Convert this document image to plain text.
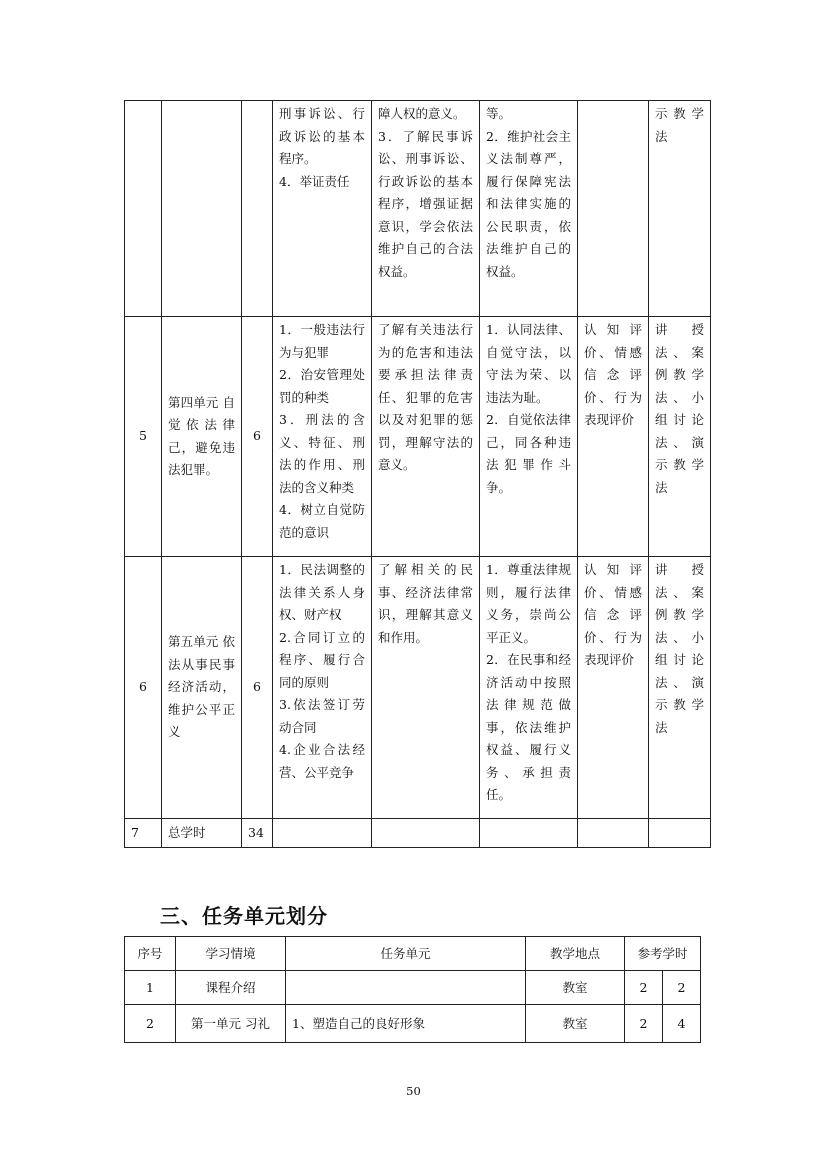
			刑事诉讼、行政诉讼的基本程序。
4．举证责任	障人权的意义。
3．了解民事诉讼、刑事诉讼、行政诉讼的基本程序，增强证据意识，学会依法维护自己的合法权益。	等。
2．维护社会主义法制尊严，履行保障宪法和法律实施的公民职责，依法维护自己的权益。		示教学法
5	第四单元 自觉依法律己，避免违法犯罪。	6	1．一般违法行为与犯罪
2．治安管理处罚的种类
3．刑法的含义、特征、刑法的作用、刑法的含义种类
4．树立自觉防范的意识	了解有关违法行为的危害和违法要承担法律责任、犯罪的危害以及对犯罪的惩罚，理解守法的意义。	1．认同法律、自觉守法，以守法为荣、以违法为耻。
2．自觉依法律己，同各种违法犯罪作斗争。	认知评价、情感信念评价、行为表现评价	讲授法、案例教学法、小组讨论法、演示教学法
6	第五单元 依法从事民事经济活动，维护公平正义	6	1．民法调整的法律关系人身权、财产权
2.合同订立的程序、履行合同的原则
3.依法签订劳动合同
4.企业合法经营、公平竞争	了解相关的民事、经济法律常识，理解其意义和作用。	1．尊重法律规则，履行法律义务，崇尚公平正义。
2．在民事和经济活动中按照法律规范做事，依法维护权益、履行义务、承担责任。	认知评价、情感信念评价、行为表现评价	讲授法、案例教学法、小组讨论法、演示教学法
7	总学时	34					
三、任务单元划分
序号	学习情境	任务单元	教学地点	参考学时	
1	课程介绍		教室	2	2
2	第一单元 习礼	1、塑造自己的良好形象	教室	2	4
50
